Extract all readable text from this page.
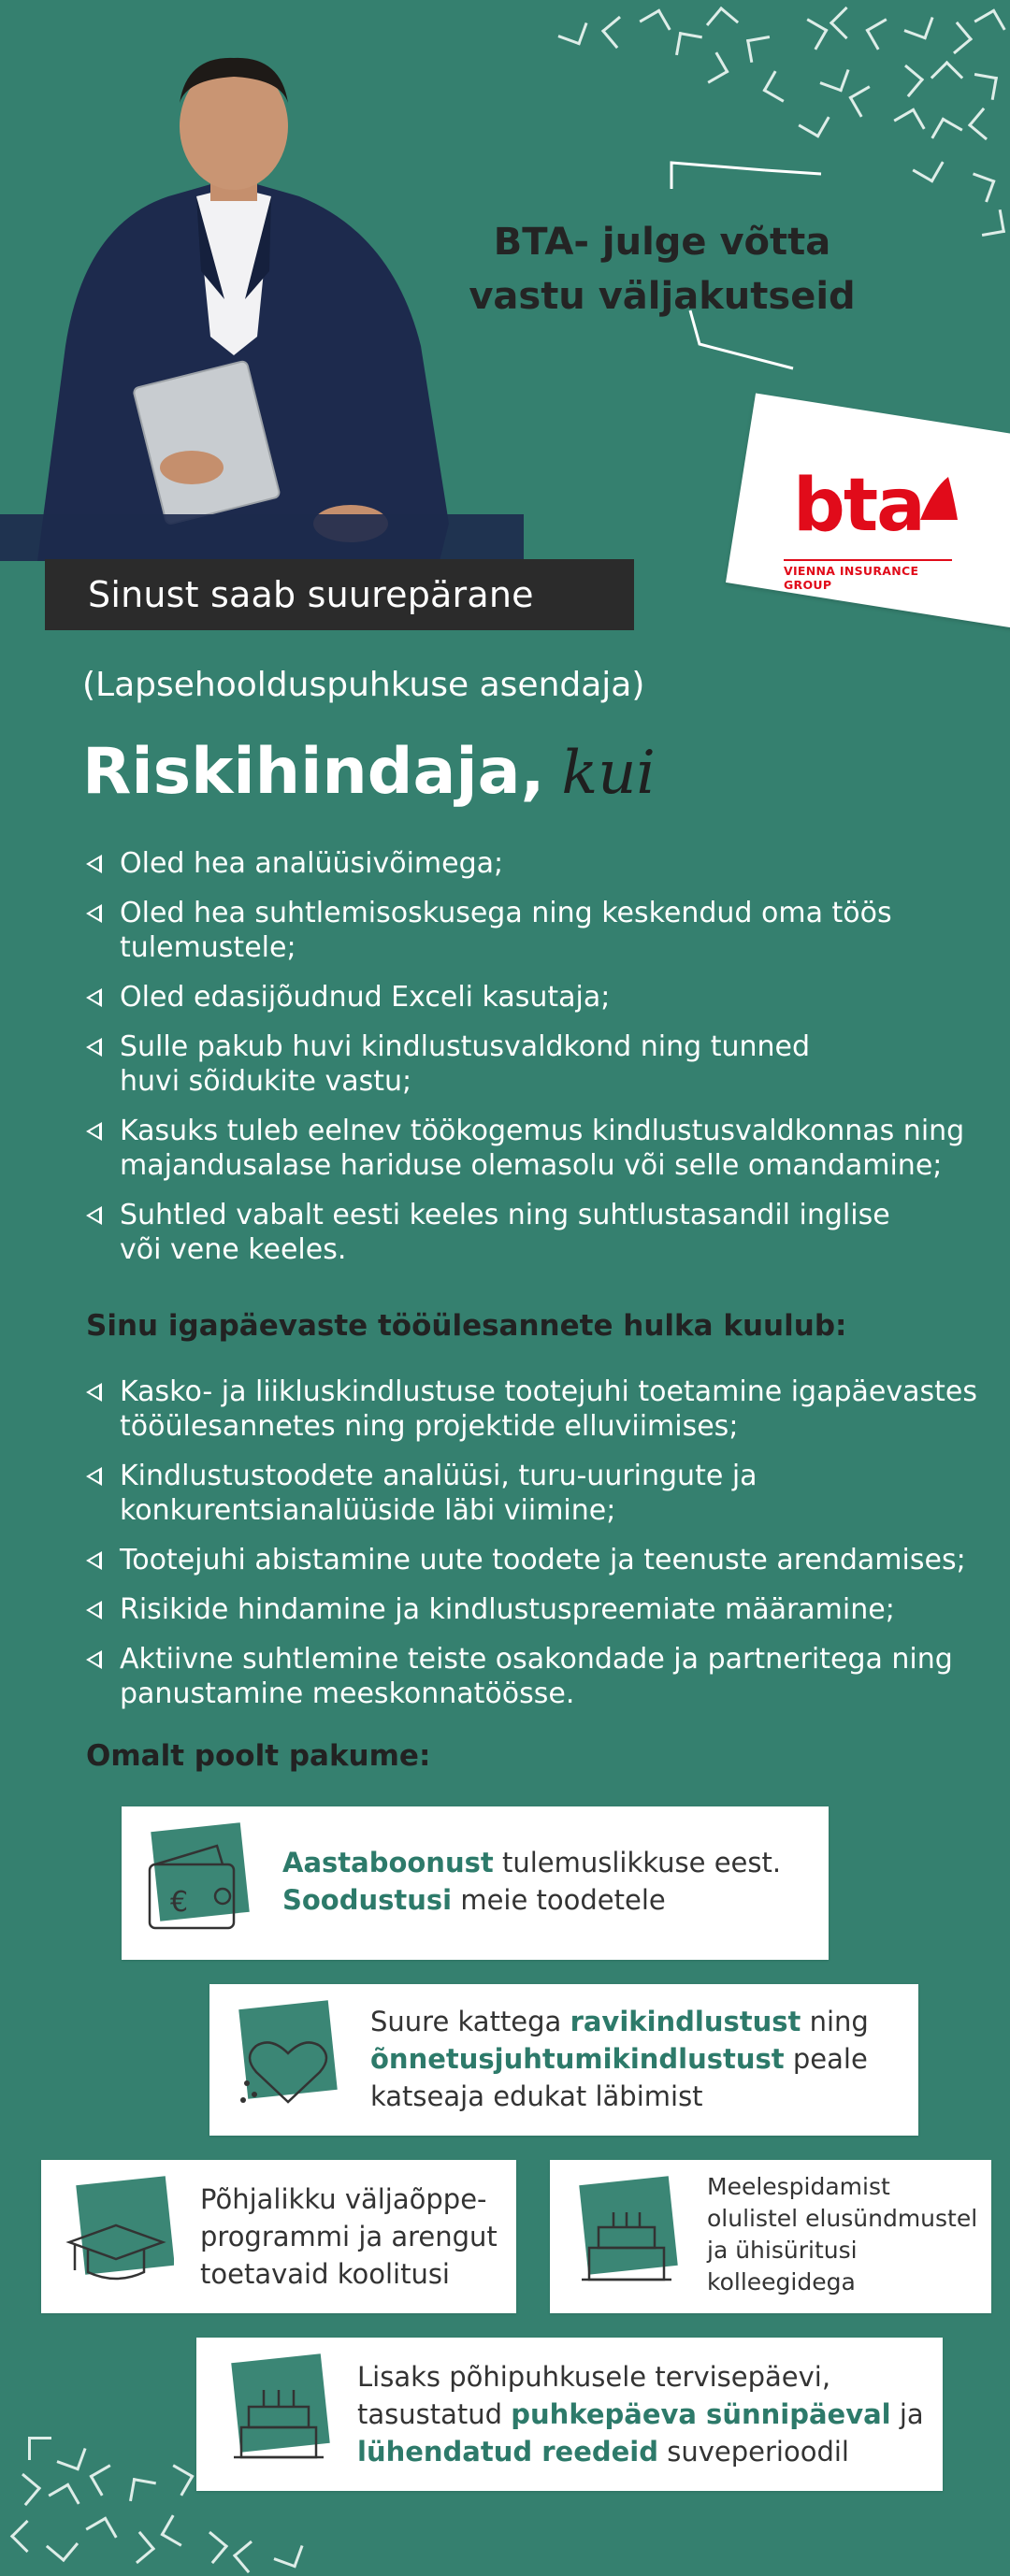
Sinust saab suurepärane
BTA- julge võtta
vastu väljakutseid
bta
VIENNA INSURANCE GROUP
(Lapsehoolduspuhkuse asendaja)
Riskihindaja, kui
Oled hea analüüsivõimega;

Oled hea suhtlemisoskusega ning keskendud oma töös
tulemustele;
Oled edasijõudnud Exceli kasutaja;
Sulle pakub huvi kindlustusvaldkond ning tunned
huvi sõidukite vastu;
Kasuks tuleb eelnev töökogemus kindlustusvaldkonnas ning
majandusalase hariduse olemasolu või selle omandamine;
Suhtled vabalt eesti keeles ning suhtlustasandil inglise
või vene keeles.
Sinu igapäevaste tööülesannete hulka kuulub:
Kasko- ja liikluskindlustuse tootejuhi toetamine igapäevastes
tööülesannetes ning projektide elluviimises;
Kindlustustoodete analüüsi, turu-uuringute ja
konkurentsianalüüside läbi viimine;
Tootejuhi abistamine uute toodete ja teenuste arendamises;
Risikide hindamine ja kindlustuspreemiate määramine;
Aktiivne suhtlemine teiste osakondade ja partneritega ning
panustamine meeskonnatöösse.
Omalt poolt pakume:
€
Aastaboonust tulemuslikkuse eest.
Soodustusi meie toodetele
Suure kattega ravikindlustust ning
õnnetusjuhtumikindlustust peale
katseaja edukat läbimist
Põhjalikku väljaõppe-
programmi ja arengut
toetavaid koolitusi
Meelespidamist
olulistel elusündmustel
ja ühisüritusi
kolleegidega
Lisaks põhipuhkusele tervisepäevi,
tasustatud puhkepäeva sünnipäeval ja
lühendatud reedeid suveperioodil
